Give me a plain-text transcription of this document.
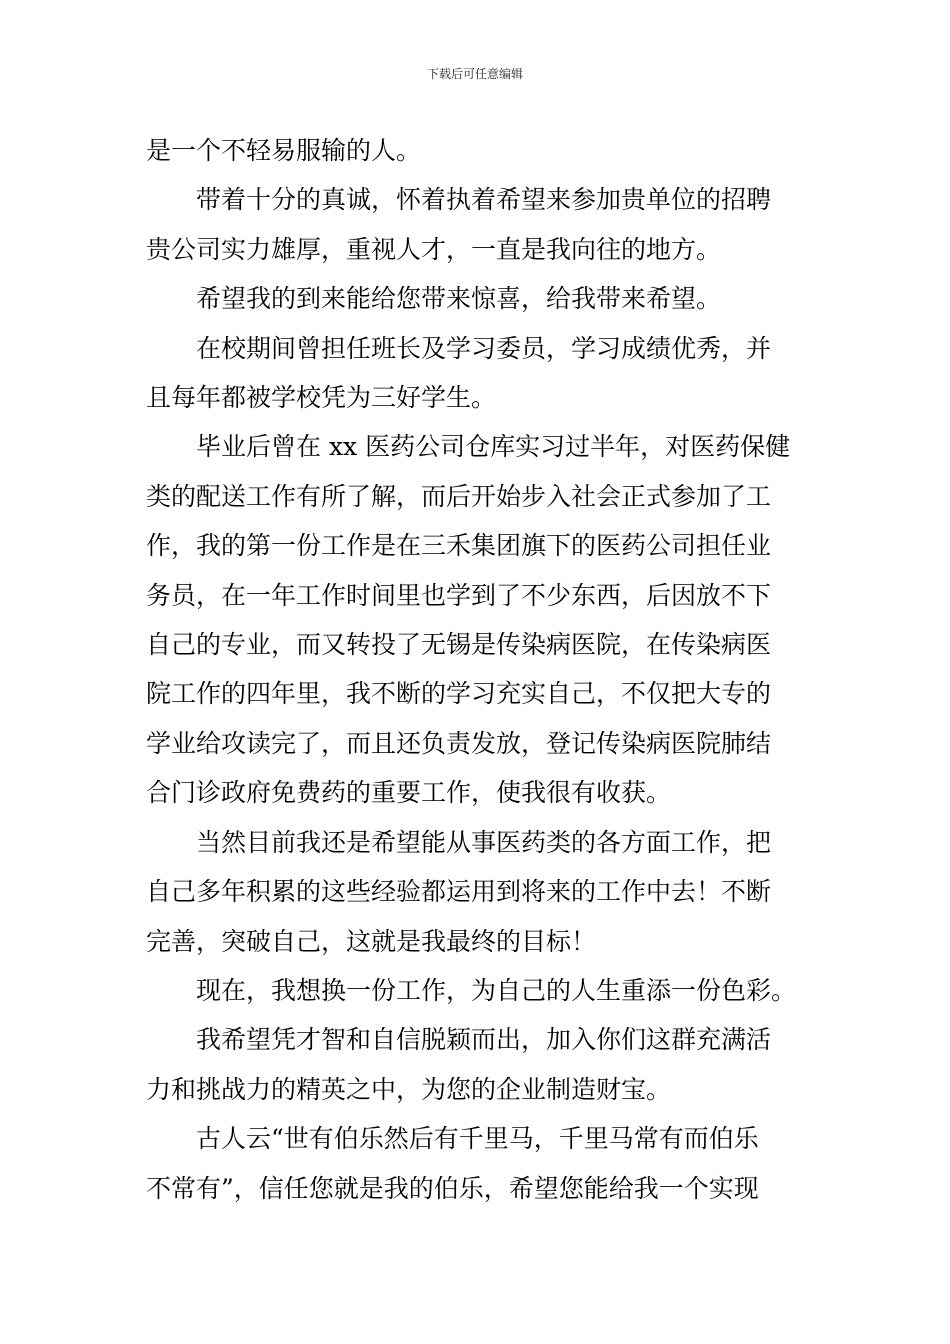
下载后可任意编辑

是一个不轻易服输的人。

带着十分的真诚，怀着执着希望来参加贵单位的招聘

贵公司实力雄厚，重视人才，一直是我向往的地方。

希望我的到来能给您带来惊喜，给我带来希望。

在校期间曾担任班长及学习委员，学习成绩优秀，并

且每年都被学校凭为三好学生。

毕业后曾在 xx 医药公司仓库实习过半年，对医药保健

类的配送工作有所了解，而后开始步入社会正式参加了工

作，我的第一份工作是在三禾集团旗下的医药公司担任业

务员，在一年工作时间里也学到了不少东西，后因放不下

自己的专业，而又转投了无锡是传染病医院，在传染病医

院工作的四年里，我不断的学习充实自己，不仅把大专的

学业给攻读完了，而且还负责发放，登记传染病医院肺结

合门诊政府免费药的重要工作，使我很有收获。

当然目前我还是希望能从事医药类的各方面工作，把

自己多年积累的这些经验都运用到将来的工作中去！不断

完善，突破自己，这就是我最终的目标！

现在，我想换一份工作，为自己的人生重添一份色彩。

我希望凭才智和自信脱颖而出，加入你们这群充满活

力和挑战力的精英之中，为您的企业制造财宝。

古人云“世有伯乐然后有千里马，千里马常有而伯乐

不常有”，信任您就是我的伯乐，希望您能给我一个实现
